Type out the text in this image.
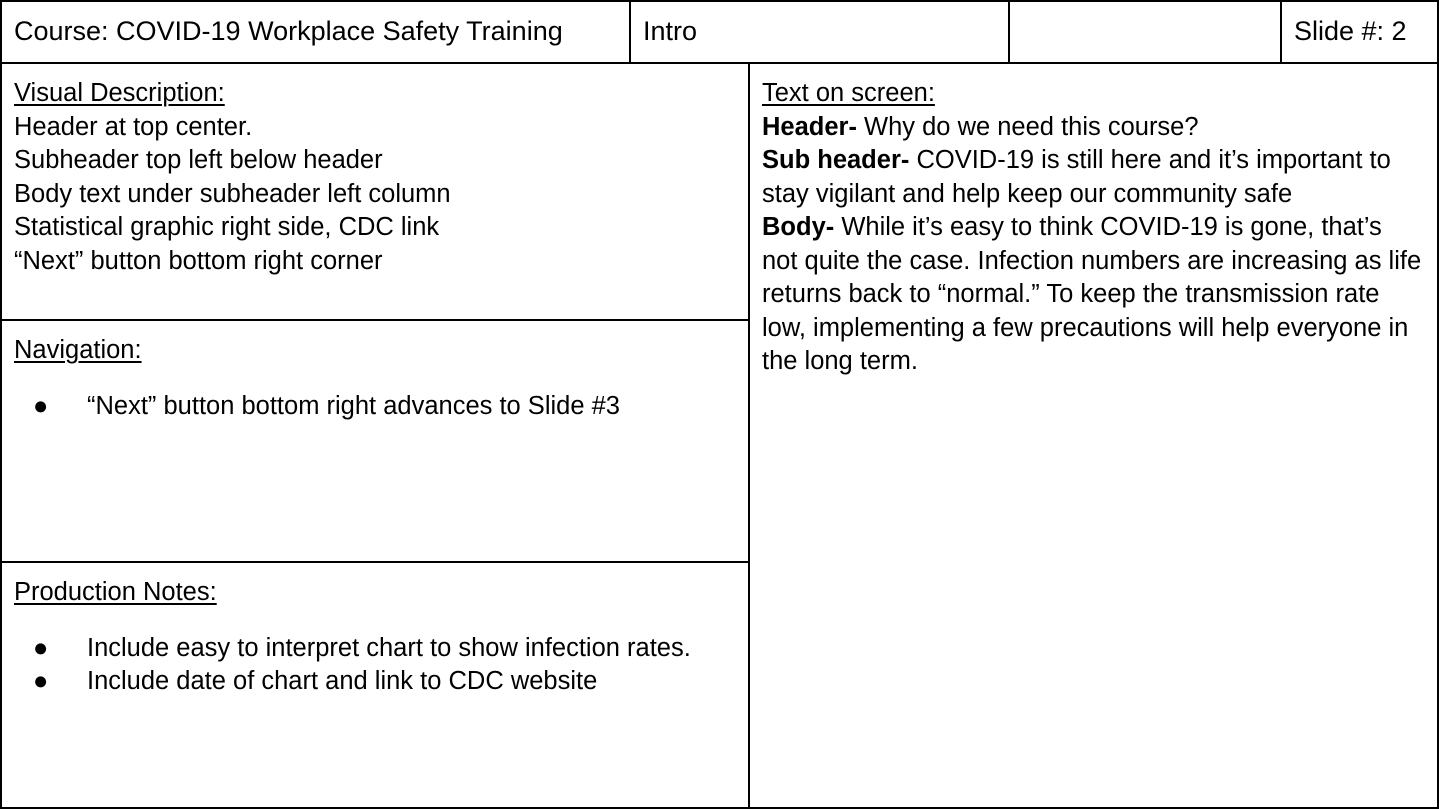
Course: COVID-19 Workplace Safety Training	Intro	Slide #: 2
Visual Description:
Header at top center.
Subheader top left below header
Body text under subheader left column
Statistical graphic right side, CDC link
“Next” button bottom right corner
Navigation:
● “Next” button bottom right advances to Slide #3
Production Notes:
● Include easy to interpret chart to show infection rates.
● Include date of chart and link to CDC website
Text on screen:
Header- Why do we need this course?
Sub header- COVID-19 is still here and it’s important to stay vigilant and help keep our community safe
Body- While it’s easy to think COVID-19 is gone, that’s not quite the case. Infection numbers are increasing as life returns back to “normal.” To keep the transmission rate low, implementing a few precautions will help everyone in the long term.
